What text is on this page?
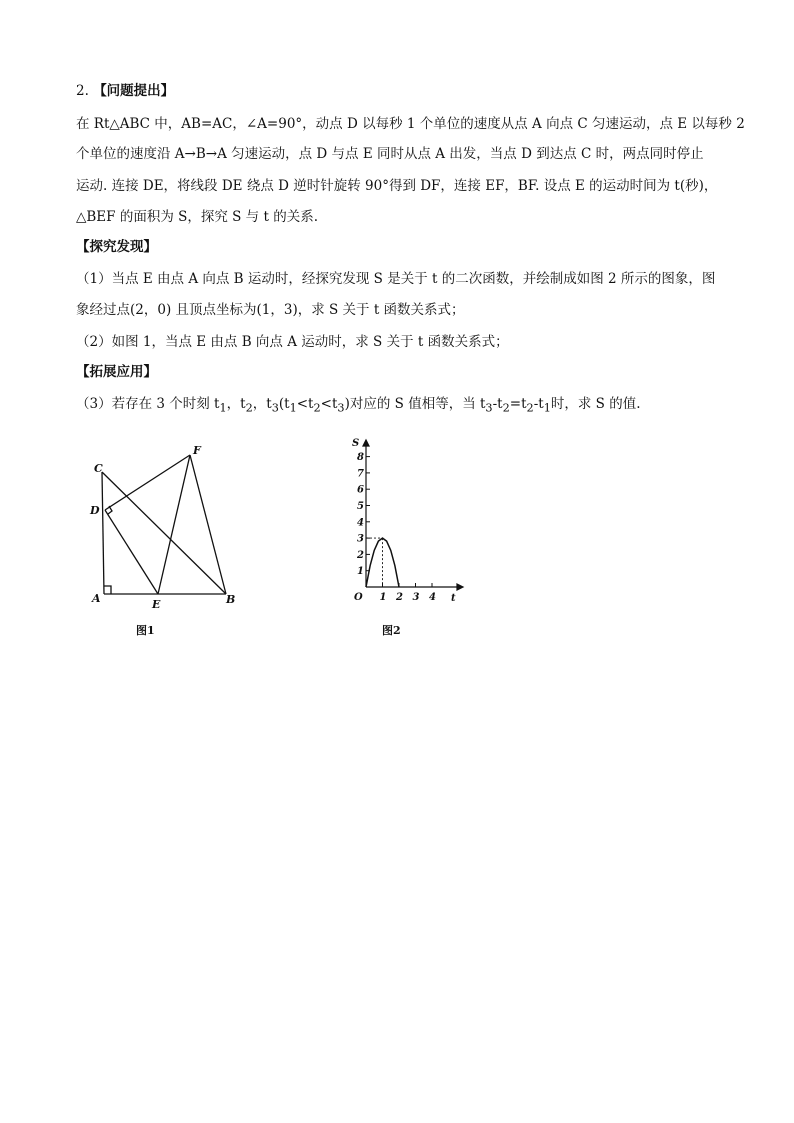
2. 【问题提出】
在 Rt△ABC 中，AB=AC，∠A=90°，动点 D 以每秒 1 个单位的速度从点 A 向点 C 匀速运动，点 E 以每秒 2
个单位的速度沿 A→B→A 匀速运动，点 D 与点 E 同时从点 A 出发，当点 D 到达点 C 时，两点同时停止
运动. 连接 DE，将线段 DE 绕点 D 逆时针旋转 90°得到 DF，连接 EF，BF. 设点 E 的运动时间为 t(秒)，
△BEF 的面积为 S，探究 S 与 t 的关系.
【探究发现】
（1）当点 E 由点 A 向点 B 运动时，经探究发现 S 是关于 t 的二次函数，并绘制成如图 2 所示的图象，图
象经过点(2，0) 且顶点坐标为(1，3)，求 S 关于 t 函数关系式；
（2）如图 1，当点 E 由点 B 向点 A 运动时，求 S 关于 t 函数关系式；
【拓展应用】
（3）若存在 3 个时刻 $t_1$，$t_2$，$t_3(t_1<t_2<t_3)$对应的 S 值相等，当 $t_3-t_2=t_2-t_1$时，求 S 的值.
A	B
C
D
E
F
图1
S
t
O
1
2
3
4
5
6
7
8
1 2 3 4
图2
